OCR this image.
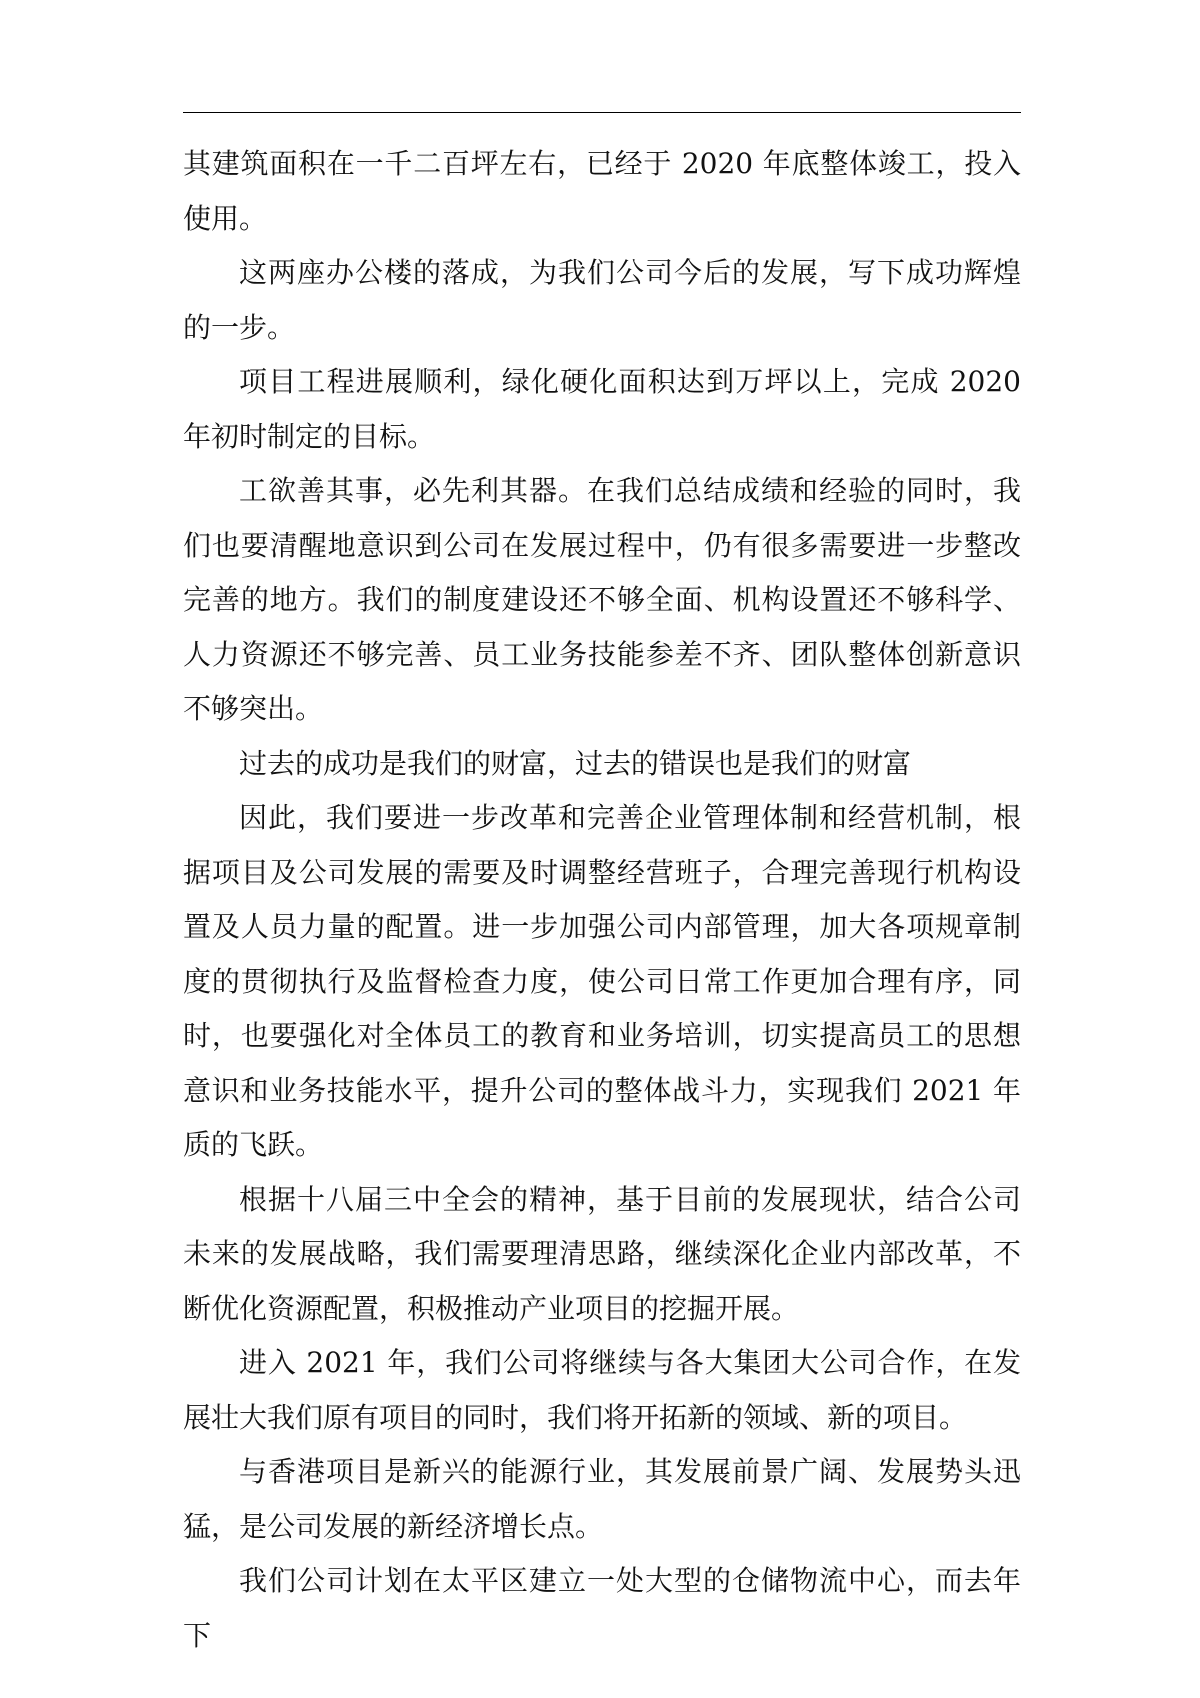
其建筑面积在一千二百坪左右，已经于 2020 年底整体竣工，投入使用。

这两座办公楼的落成，为我们公司今后的发展，写下成功辉煌的一步。

项目工程进展顺利，绿化硬化面积达到万坪以上，完成 2020 年初时制定的目标。

工欲善其事，必先利其器。在我们总结成绩和经验的同时，我们也要清醒地意识到公司在发展过程中，仍有很多需要进一步整改完善的地方。我们的制度建设还不够全面、机构设置还不够科学、人力资源还不够完善、员工业务技能参差不齐、团队整体创新意识不够突出。

过去的成功是我们的财富，过去的错误也是我们的财富

因此，我们要进一步改革和完善企业管理体制和经营机制，根据项目及公司发展的需要及时调整经营班子，合理完善现行机构设置及人员力量的配置。进一步加强公司内部管理，加大各项规章制度的贯彻执行及监督检查力度，使公司日常工作更加合理有序，同时，也要强化对全体员工的教育和业务培训，切实提高员工的思想意识和业务技能水平，提升公司的整体战斗力，实现我们 2021 年质的飞跃。

根据十八届三中全会的精神，基于目前的发展现状，结合公司未来的发展战略，我们需要理清思路，继续深化企业内部改革，不断优化资源配置，积极推动产业项目的挖掘开展。

进入 2021 年，我们公司将继续与各大集团大公司合作，在发展壮大我们原有项目的同时，我们将开拓新的领域、新的项目。

与香港项目是新兴的能源行业，其发展前景广阔、发展势头迅猛，是公司发展的新经济增长点。

我们公司计划在太平区建立一处大型的仓储物流中心，而去年下
